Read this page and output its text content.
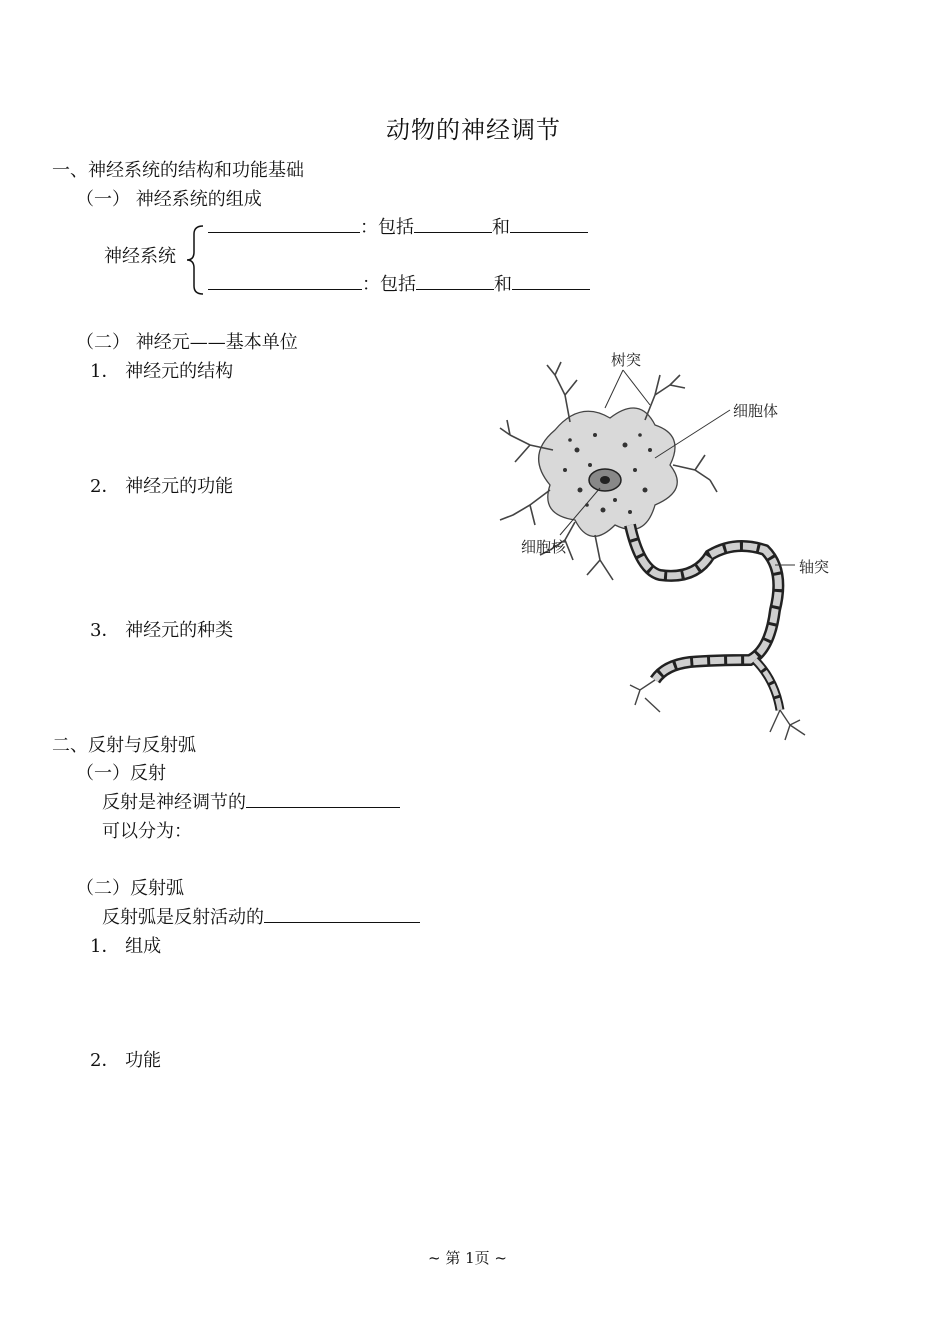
动物的神经调节
一、神经系统的结构和功能基础
（一） 神经系统的组成
神经系统
：包括	和
：包括	和
（二） 神经元——基本单位
1． 神经元的结构
2． 神经元的功能
3． 神经元的种类
树突
细胞体
细胞核
轴突
二、反射与反射弧
（一）反射
反射是神经调节的
可以分为：
（二）反射弧
反射弧是反射活动的
1． 组成
2． 功能
~ 第 1页 ~
